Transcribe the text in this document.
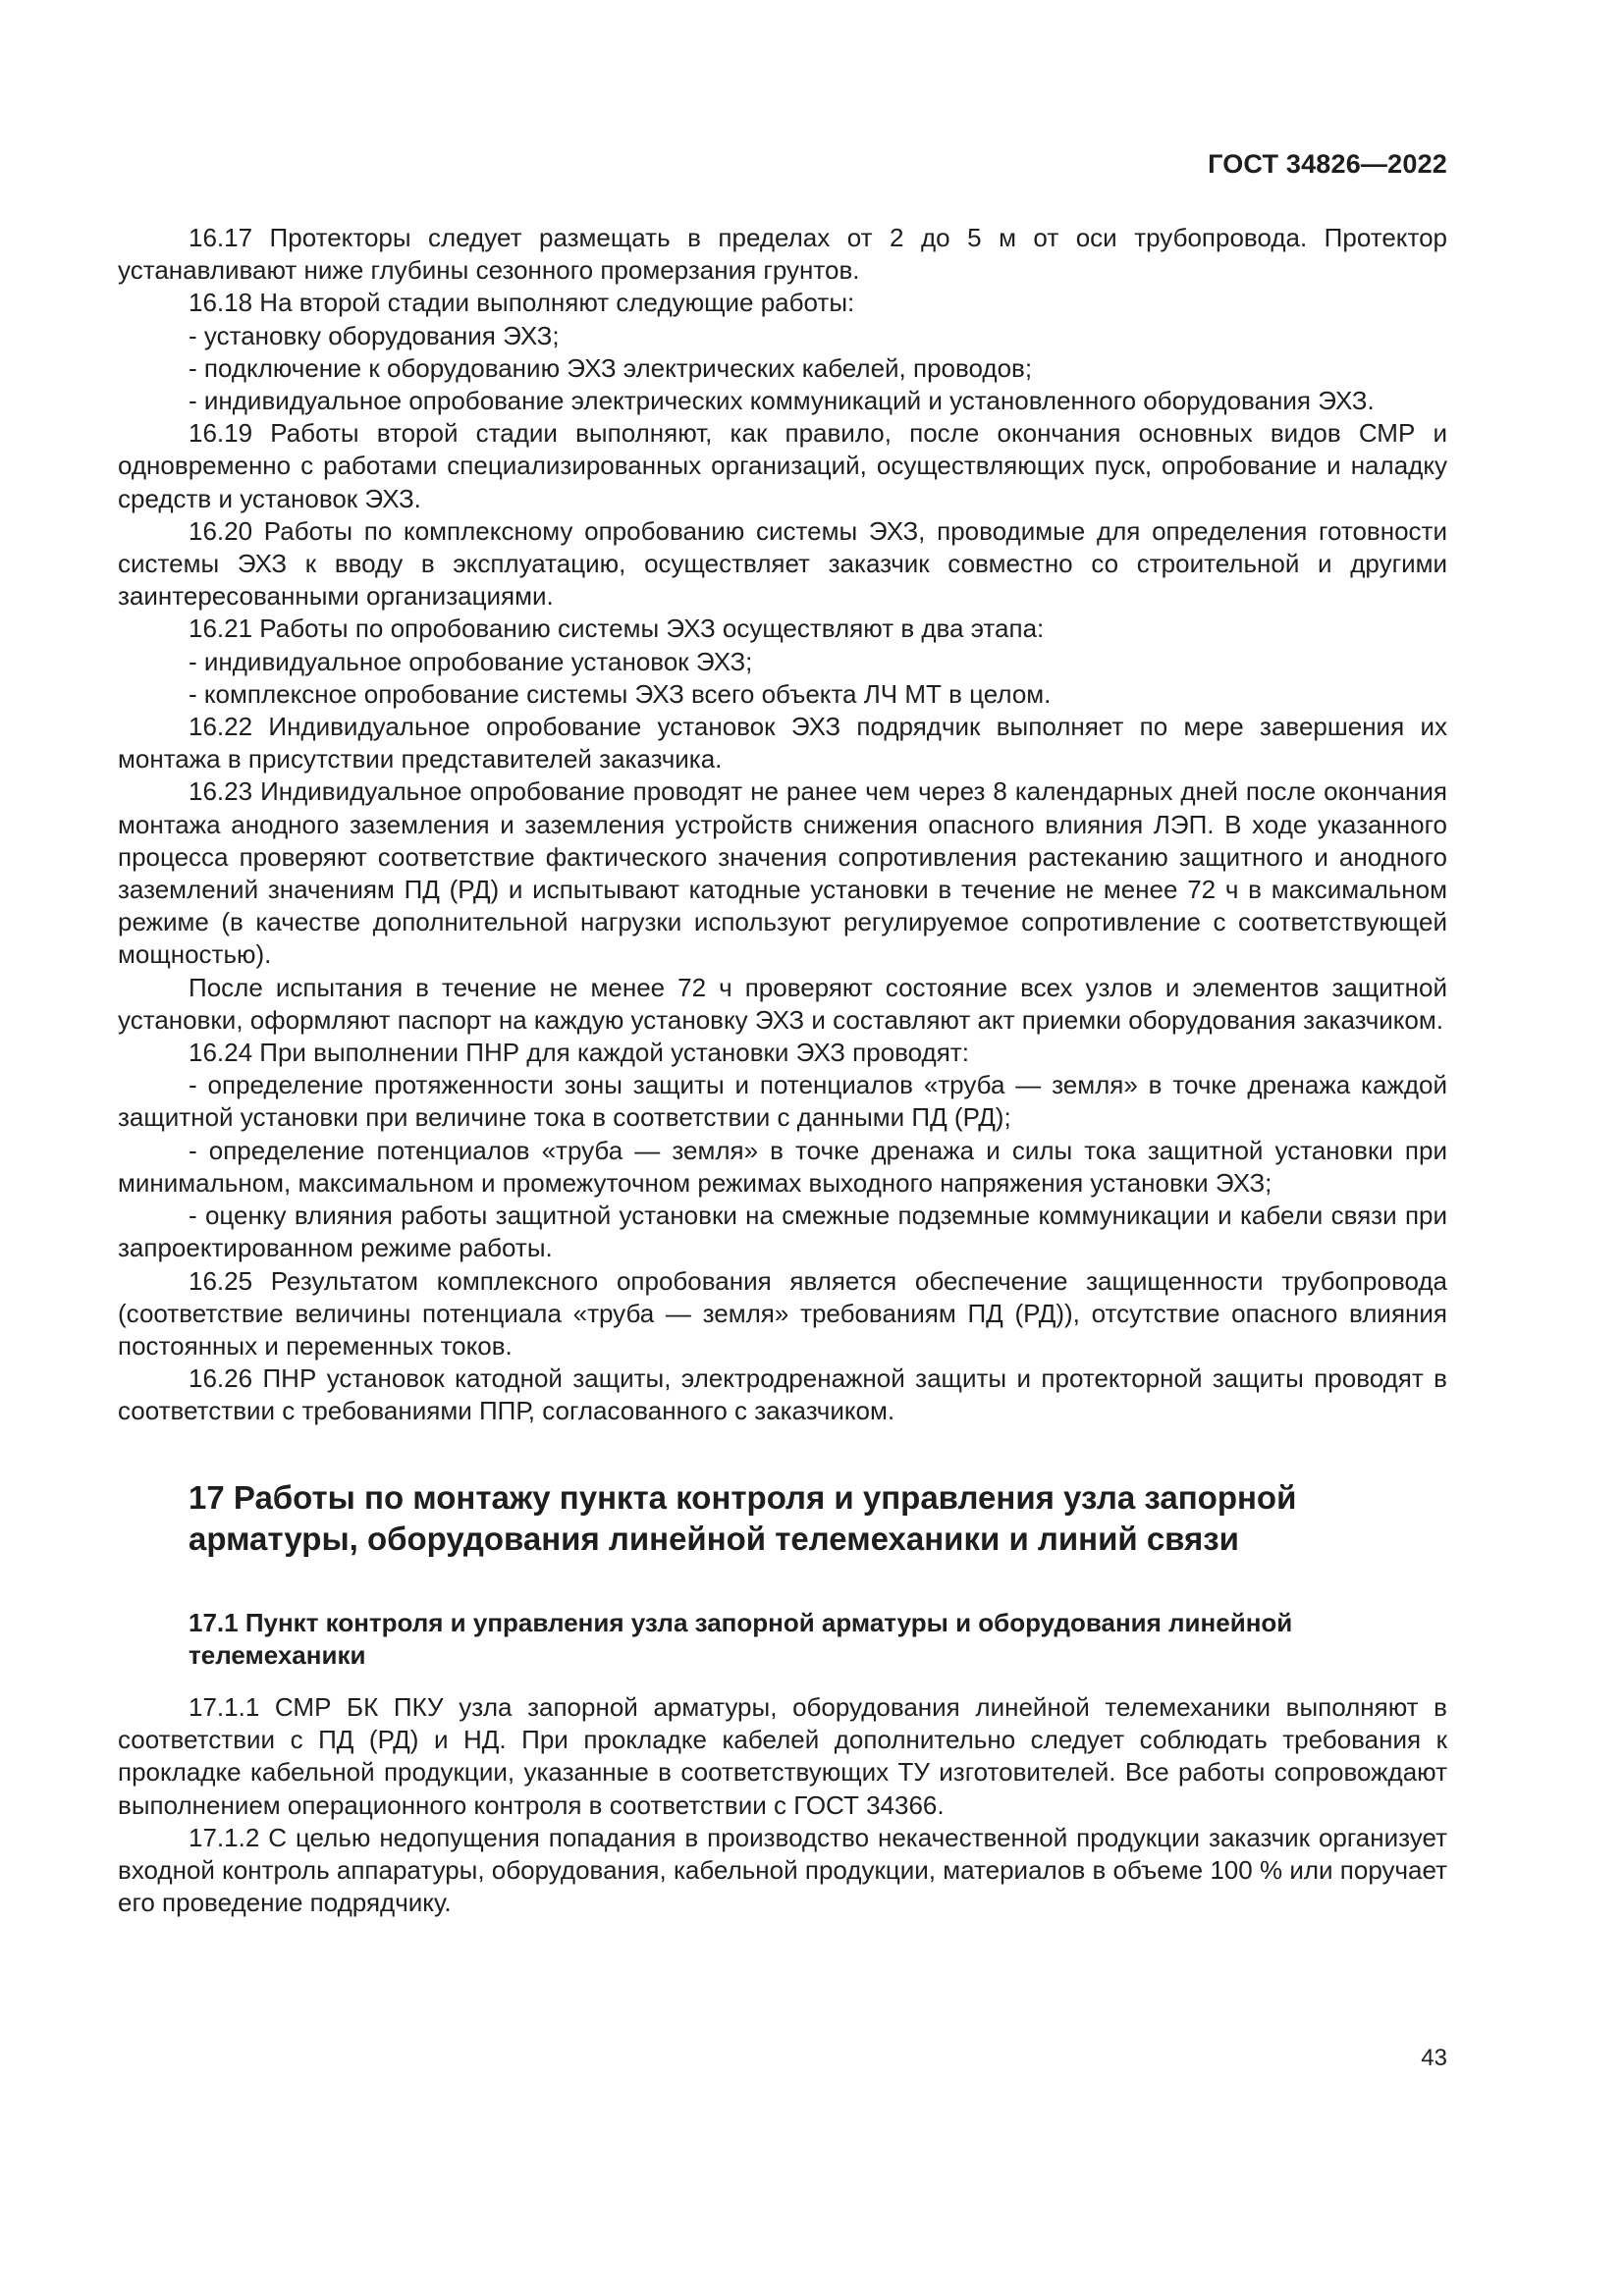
ГОСТ 34826—2022

16.17 Протекторы следует размещать в пределах от 2 до 5 м от оси трубопровода. Протектор устанавливают ниже глубины сезонного промерзания грунтов.

16.18 На второй стадии выполняют следующие работы:

- установку оборудования ЭХЗ;

- подключение к оборудованию ЭХЗ электрических кабелей, проводов;

- индивидуальное опробование электрических коммуникаций и установленного оборудования ЭХЗ.

16.19 Работы второй стадии выполняют, как правило, после окончания основных видов СМР и одновременно с работами специализированных организаций, осуществляющих пуск, опробование и наладку средств и установок ЭХЗ.

16.20 Работы по комплексному опробованию системы ЭХЗ, проводимые для определения готовности системы ЭХЗ к вводу в эксплуатацию, осуществляет заказчик совместно со строительной и другими заинтересованными организациями.

16.21 Работы по опробованию системы ЭХЗ осуществляют в два этапа:

- индивидуальное опробование установок ЭХЗ;

- комплексное опробование системы ЭХЗ всего объекта ЛЧ МТ в целом.

16.22 Индивидуальное опробование установок ЭХЗ подрядчик выполняет по мере завершения их монтажа в присутствии представителей заказчика.

16.23 Индивидуальное опробование проводят не ранее чем через 8 календарных дней после окончания монтажа анодного заземления и заземления устройств снижения опасного влияния ЛЭП. В ходе указанного процесса проверяют соответствие фактического значения сопротивления растеканию защитного и анодного заземлений значениям ПД (РД) и испытывают катодные установки в течение не менее 72 ч в максимальном режиме (в качестве дополнительной нагрузки используют регулируемое сопротивление с соответствующей мощностью).

После испытания в течение не менее 72 ч проверяют состояние всех узлов и элементов защитной установки, оформляют паспорт на каждую установку ЭХЗ и составляют акт приемки оборудования заказчиком.

16.24 При выполнении ПНР для каждой установки ЭХЗ проводят:

- определение протяженности зоны защиты и потенциалов «труба — земля» в точке дренажа каждой защитной установки при величине тока в соответствии с данными ПД (РД);

- определение потенциалов «труба — земля» в точке дренажа и силы тока защитной установки при минимальном, максимальном и промежуточном режимах выходного напряжения установки ЭХЗ;

- оценку влияния работы защитной установки на смежные подземные коммуникации и кабели связи при запроектированном режиме работы.

16.25 Результатом комплексного опробования является обеспечение защищенности трубопровода (соответствие величины потенциала «труба — земля» требованиям ПД (РД)), отсутствие опасного влияния постоянных и переменных токов.

16.26 ПНР установок катодной защиты, электродренажной защиты и протекторной защиты проводят в соответствии с требованиями ППР, согласованного с заказчиком.

17 Работы по монтажу пункта контроля и управления узла запорной арматуры, оборудования линейной телемеханики и линий связи
17.1 Пункт контроля и управления узла запорной арматуры и оборудования линейной телемеханики

17.1.1 СМР БК ПКУ узла запорной арматуры, оборудования линейной телемеханики выполняют в соответствии с ПД (РД) и НД. При прокладке кабелей дополнительно следует соблюдать требования к прокладке кабельной продукции, указанные в соответствующих ТУ изготовителей. Все работы сопровождают выполнением операционного контроля в соответствии с ГОСТ 34366.

17.1.2 С целью недопущения попадания в производство некачественной продукции заказчик организует входной контроль аппаратуры, оборудования, кабельной продукции, материалов в объеме 100 % или поручает его проведение подрядчику.

43
